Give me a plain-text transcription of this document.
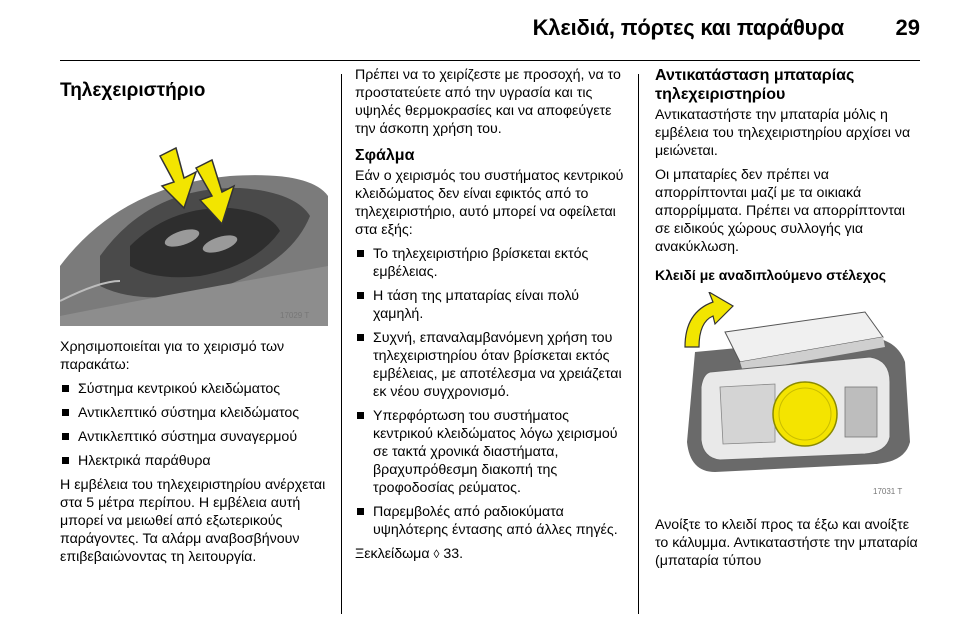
Κλειδιά, πόρτες και παράθυρα 29
Τηλεχειριστήριο
17029 T

Χρησιμοποιείται για το χειρισμό των παρακάτω:

Σύστημα κεντρικού κλειδώματος
Αντικλεπτικό σύστημα κλειδώματος
Αντικλεπτικό σύστημα συναγερμού
Ηλεκτρικά παράθυρα

Η εμβέλεια του τηλεχειριστηρίου ανέρχεται στα 5 μέτρα περίπου. Η εμβέλεια αυτή μπορεί να μειωθεί από εξωτερικούς παράγοντες. Τα αλάρμ αναβοσβήνουν επιβεβαιώνοντας τη λειτουργία.

Πρέπει να το χειρίζεστε με προσοχή, να το προστατεύετε από την υγρασία και τις υψηλές θερμοκρασίες και να αποφεύγετε την άσκοπη χρήση του.

Σφάλμα

Εάν ο χειρισμός του συστήματος κεντρικού κλειδώματος δεν είναι εφικτός από το τηλεχειριστήριο, αυτό μπορεί να οφείλεται στα εξής:

Το τηλεχειριστήριο βρίσκεται εκτός εμβέλειας.
Η τάση της μπαταρίας είναι πολύ χαμηλή.
Συχνή, επαναλαμβανόμενη χρήση του τηλεχειριστηρίου όταν βρίσκεται εκτός εμβέλειας, με αποτέλεσμα να χρειάζεται εκ νέου συγχρονισμό.
Υπερφόρτωση του συστήματος κεντρικού κλειδώματος λόγω χειρισμού σε τακτά χρονικά διαστήματα, βραχυπρόθεσμη διακοπή της τροφοδοσίας ρεύματος.
Παρεμβολές από ραδιοκύματα υψηλότερης έντασης από άλλες πηγές.

Ξεκλείδωμα ◊ 33.

Αντικατάσταση μπαταρίας τηλεχειριστηρίου

Αντικαταστήστε την μπαταρία μόλις η εμβέλεια του τηλεχειριστηρίου αρχίσει να μειώνεται.

Οι μπαταρίες δεν πρέπει να απορρίπτονται μαζί με τα οικιακά απορρίμματα. Πρέπει να απορρίπτονται σε ειδικούς χώρους συλλογής για ανακύκλωση.

Κλειδί με αναδιπλούμενο στέλεχος
17031 T

Ανοίξτε το κλειδί προς τα έξω και ανοίξτε το κάλυμμα. Αντικαταστήστε την μπαταρία (μπαταρία τύπου
